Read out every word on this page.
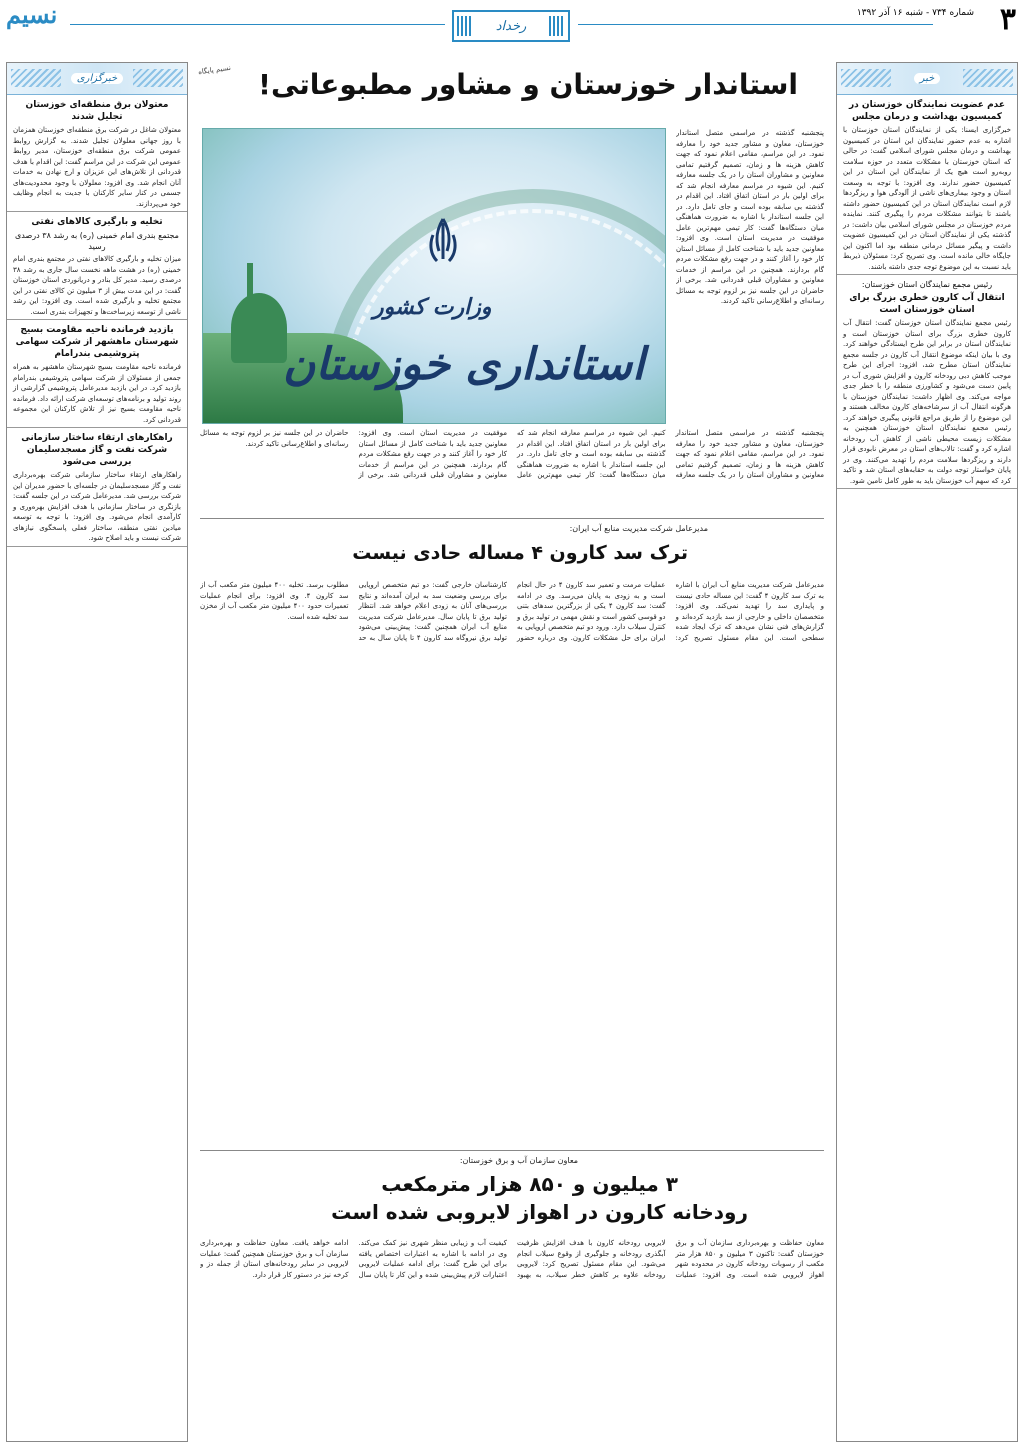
۳
شماره ۷۳۴ - شنبه ۱۶ آذر ۱۳۹۲
رخداد
نسیم
خبر
عدم عضویت نمایندگان خوزستان در کمیسیون بهداشت و درمان مجلس

خبرگزاری ایسنا: یکی از نمایندگان استان خوزستان با اشاره به عدم حضور نمایندگان این استان در کمیسیون بهداشت و درمان مجلس شورای اسلامی گفت: در حالی که استان خوزستان با مشکلات متعدد در حوزه سلامت روبه‌رو است هیچ یک از نمایندگان این استان در این کمیسیون حضور ندارند. وی افزود: با توجه به وسعت استان و وجود بیماری‌های ناشی از آلودگی هوا و ریزگردها لازم است نمایندگان استان در این کمیسیون حضور داشته باشند تا بتوانند مشکلات مردم را پیگیری کنند. نماینده مردم خوزستان در مجلس شورای اسلامی بیان داشت: در گذشته یکی از نمایندگان استان در این کمیسیون عضویت داشت و پیگیر مسائل درمانی منطقه بود اما اکنون این جایگاه خالی مانده است. وی تصریح کرد: مسئولان ذیربط باید نسبت به این موضوع توجه جدی داشته باشند.

رئیس مجمع نمایندگان استان خوزستان:
انتقال آب کارون خطری بزرگ برای استان خوزستان است

رئیس مجمع نمایندگان استان خوزستان گفت: انتقال آب کارون خطری بزرگ برای استان خوزستان است و نمایندگان استان در برابر این طرح ایستادگی خواهند کرد. وی با بیان اینکه موضوع انتقال آب کارون در جلسه مجمع نمایندگان استان مطرح شد، افزود: اجرای این طرح موجب کاهش دبی رودخانه کارون و افزایش شوری آب در پایین دست می‌شود و کشاورزی منطقه را با خطر جدی مواجه می‌کند. وی اظهار داشت: نمایندگان خوزستان با هرگونه انتقال آب از سرشاخه‌های کارون مخالف هستند و این موضوع را از طریق مراجع قانونی پیگیری خواهند کرد. رئیس مجمع نمایندگان استان خوزستان همچنین به مشکلات زیست محیطی ناشی از کاهش آب رودخانه اشاره کرد و گفت: تالاب‌های استان در معرض نابودی قرار دارند و ریزگردها سلامت مردم را تهدید می‌کنند. وی در پایان خواستار توجه دولت به حقابه‌های استان شد و تاکید کرد که سهم آب خوزستان باید به طور کامل تامین شود.

خبرگزاری
معتولان برق منطقه‌ای خوزستان تجلیل شدند

معتولان شاغل در شرکت برق منطقه‌ای خوزستان همزمان با روز جهانی معلولان تجلیل شدند. به گزارش روابط عمومی شرکت برق منطقه‌ای خوزستان، مدیر روابط عمومی این شرکت در این مراسم گفت: این اقدام با هدف قدردانی از تلاش‌های این عزیزان و ارج نهادن به خدمات آنان انجام شد. وی افزود: معلولان با وجود محدودیت‌های جسمی در کنار سایر کارکنان با جدیت به انجام وظایف خود می‌پردازند.

تخلیه و بارگیری کالاهای نفتی
مجتمع بندری امام خمینی (ره) به رشد ۳۸ درصدی رسید

میزان تخلیه و بارگیری کالاهای نفتی در مجتمع بندری امام خمینی (ره) در هشت ماهه نخست سال جاری به رشد ۳۸ درصدی رسید. مدیر کل بنادر و دریانوردی استان خوزستان گفت: در این مدت بیش از ۳ میلیون تن کالای نفتی در این مجتمع تخلیه و بارگیری شده است. وی افزود: این رشد ناشی از توسعه زیرساخت‌ها و تجهیزات بندری است.

بازدید فرمانده ناحیه مقاومت بسیج شهرستان ماهشهر از شرکت سهامی پتروشیمی بندرامام

فرمانده ناحیه مقاومت بسیج شهرستان ماهشهر به همراه جمعی از مسئولان از شرکت سهامی پتروشیمی بندرامام بازدید کرد. در این بازدید مدیرعامل پتروشیمی گزارشی از روند تولید و برنامه‌های توسعه‌ای شرکت ارائه داد. فرمانده ناحیه مقاومت بسیج نیز از تلاش کارکنان این مجموعه قدردانی کرد.

راهکارهای ارتقاء ساختار سازمانی شرکت نفت و گاز مسجدسلیمان بررسی می‌شود

راهکارهای ارتقاء ساختار سازمانی شرکت بهره‌برداری نفت و گاز مسجدسلیمان در جلسه‌ای با حضور مدیران این شرکت بررسی شد. مدیرعامل شرکت در این جلسه گفت: بازنگری در ساختار سازمانی با هدف افزایش بهره‌وری و کارآمدی انجام می‌شود. وی افزود: با توجه به توسعه میادین نفتی منطقه، ساختار فعلی پاسخگوی نیازهای شرکت نیست و باید اصلاح شود.

استاندار خوزستان و مشاور مطبوعاتی!
نسیم پایگاه
وزارت کشور
استانداری خوزستان
پنجشنبه گذشته در مراسمی متصل استاندار خوزستان، معاون و مشاور جدید خود را معارفه نمود. در این مراسم، مقامی اعلام نمود که جهت کاهش هزینه ها و زمان، تصمیم گرفتیم تمامی معاونین و مشاوران استان را در یک جلسه معارفه کنیم. این شیوه در مراسم معارفه انجام شد که برای اولین بار در استان اتفاق افتاد. این اقدام در گذشته بی سابقه بوده است و جای تامل دارد. در این جلسه استاندار با اشاره به ضرورت هماهنگی میان دستگاه‌ها گفت: کار تیمی مهم‌ترین عامل موفقیت در مدیریت استان است. وی افزود: معاونین جدید باید با شناخت کامل از مسائل استان کار خود را آغاز کنند و در جهت رفع مشکلات مردم گام بردارند. همچنین در این مراسم از خدمات معاونین و مشاوران قبلی قدردانی شد. برخی از حاضران در این جلسه نیز بر لزوم توجه به مسائل رسانه‌ای و اطلاع‌رسانی تاکید کردند.
پنجشنبه گذشته در مراسمی متصل استاندار خوزستان، معاون و مشاور جدید خود را معارفه نمود. در این مراسم، مقامی اعلام نمود که جهت کاهش هزینه ها و زمان، تصمیم گرفتیم تمامی معاونین و مشاوران استان را در یک جلسه معارفه کنیم. این شیوه در مراسم معارفه انجام شد که برای اولین بار در استان اتفاق افتاد. این اقدام در گذشته بی سابقه بوده است و جای تامل دارد. در این جلسه استاندار با اشاره به ضرورت هماهنگی میان دستگاه‌ها گفت: کار تیمی مهم‌ترین عامل موفقیت در مدیریت استان است. وی افزود: معاونین جدید باید با شناخت کامل از مسائل استان کار خود را آغاز کنند و در جهت رفع مشکلات مردم گام بردارند. همچنین در این مراسم از خدمات معاونین و مشاوران قبلی قدردانی شد. برخی از حاضران در این جلسه نیز بر لزوم توجه به مسائل رسانه‌ای و اطلاع‌رسانی تاکید کردند.
مدیرعامل شرکت مدیریت منابع آب ایران:
ترک سد کارون ۴ مساله حادی نیست
مدیرعامل شرکت مدیریت منابع آب ایران با اشاره به ترک سد کارون ۴ گفت: این مساله حادی نیست و پایداری سد را تهدید نمی‌کند. وی افزود: متخصصان داخلی و خارجی از سد بازدید کرده‌اند و گزارش‌های فنی نشان می‌دهد که ترک ایجاد شده سطحی است. این مقام مسئول تصریح کرد: عملیات مرمت و تعمیر سد کارون ۴ در حال انجام است و به زودی به پایان می‌رسد. وی در ادامه گفت: سد کارون ۴ یکی از بزرگترین سدهای بتنی دو قوسی کشور است و نقش مهمی در تولید برق و کنترل سیلاب دارد. ورود دو تیم متخصص اروپایی به ایران برای حل مشکلات کارون. وی درباره حضور کارشناسان خارجی گفت: دو تیم متخصص اروپایی برای بررسی وضعیت سد به ایران آمده‌اند و نتایج بررسی‌های آنان به زودی اعلام خواهد شد. انتظار تولید برق تا پایان سال. مدیرعامل شرکت مدیریت منابع آب ایران همچنین گفت: پیش‌بینی می‌شود تولید برق نیروگاه سد کارون ۴ تا پایان سال به حد مطلوب برسد. تخلیه ۴۰۰ میلیون متر مکعب آب از سد کارون ۴. وی افزود: برای انجام عملیات تعمیرات حدود ۴۰۰ میلیون متر مکعب آب از مخزن سد تخلیه شده است.
معاون سازمان آب و برق خوزستان:
۳ میلیون و ۸۵۰ هزار مترمکعب
رودخانه کارون در اهواز لایروبی شده است
معاون حفاظت و بهره‌برداری سازمان آب و برق خوزستان گفت: تاکنون ۳ میلیون و ۸۵۰ هزار متر مکعب از رسوبات رودخانه کارون در محدوده شهر اهواز لایروبی شده است. وی افزود: عملیات لایروبی رودخانه کارون با هدف افزایش ظرفیت آبگذری رودخانه و جلوگیری از وقوع سیلاب انجام می‌شود. این مقام مسئول تصریح کرد: لایروبی رودخانه علاوه بر کاهش خطر سیلاب، به بهبود کیفیت آب و زیبایی منظر شهری نیز کمک می‌کند. وی در ادامه با اشاره به اعتبارات اختصاص یافته برای این طرح گفت: برای ادامه عملیات لایروبی اعتبارات لازم پیش‌بینی شده و این کار تا پایان سال ادامه خواهد یافت. معاون حفاظت و بهره‌برداری سازمان آب و برق خوزستان همچنین گفت: عملیات لایروبی در سایر رودخانه‌های استان از جمله دز و کرخه نیز در دستور کار قرار دارد.
